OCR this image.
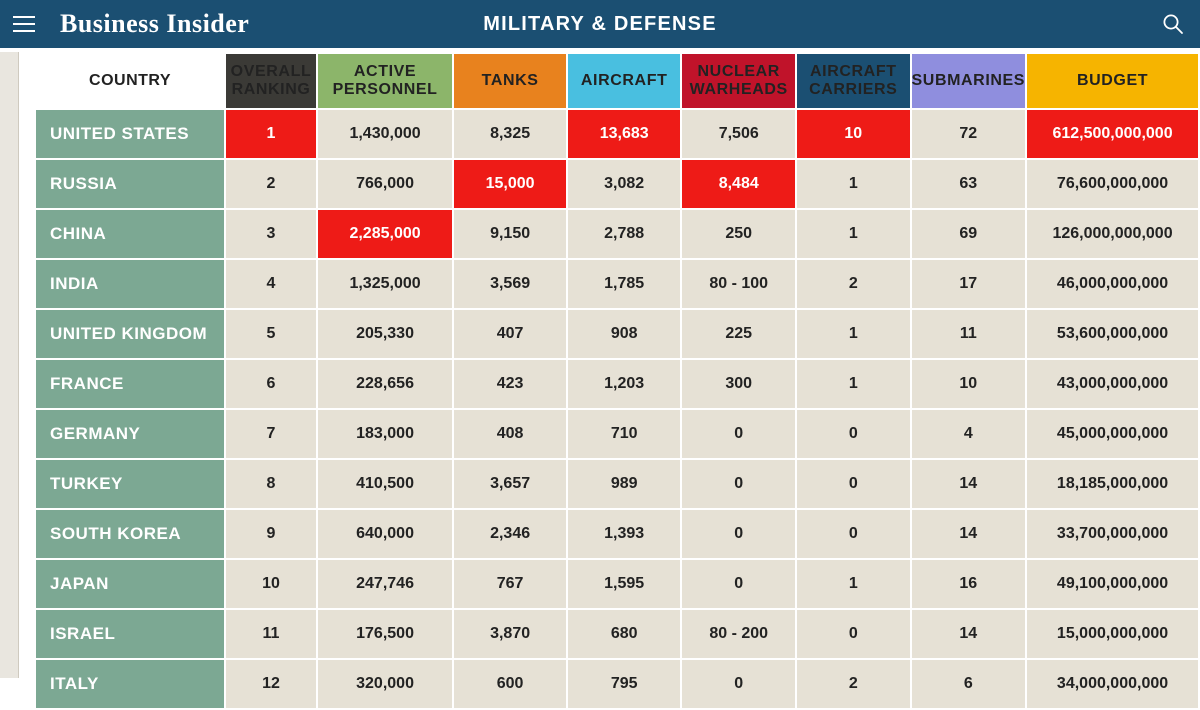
Business Insider	MILITARY & DEFENSE
COUNTRY	OVERALL RANKING	ACTIVE PERSONNEL	TANKS	AIRCRAFT	NUCLEAR WARHEADS	AIRCRAFT CARRIERS	SUBMARINES	BUDGET
UNITED STATES	1	1,430,000	8,325	13,683	7,506	10	72	612,500,000,000
RUSSIA	2	766,000	15,000	3,082	8,484	1	63	76,600,000,000
CHINA	3	2,285,000	9,150	2,788	250	1	69	126,000,000,000
INDIA	4	1,325,000	3,569	1,785	80 - 100	2	17	46,000,000,000
UNITED KINGDOM	5	205,330	407	908	225	1	11	53,600,000,000
FRANCE	6	228,656	423	1,203	300	1	10	43,000,000,000
GERMANY	7	183,000	408	710	0	0	4	45,000,000,000
TURKEY	8	410,500	3,657	989	0	0	14	18,185,000,000
SOUTH KOREA	9	640,000	2,346	1,393	0	0	14	33,700,000,000
JAPAN	10	247,746	767	1,595	0	1	16	49,100,000,000
ISRAEL	11	176,500	3,870	680	80 - 200	0	14	15,000,000,000
ITALY	12	320,000	600	795	0	2	6	34,000,000,000
